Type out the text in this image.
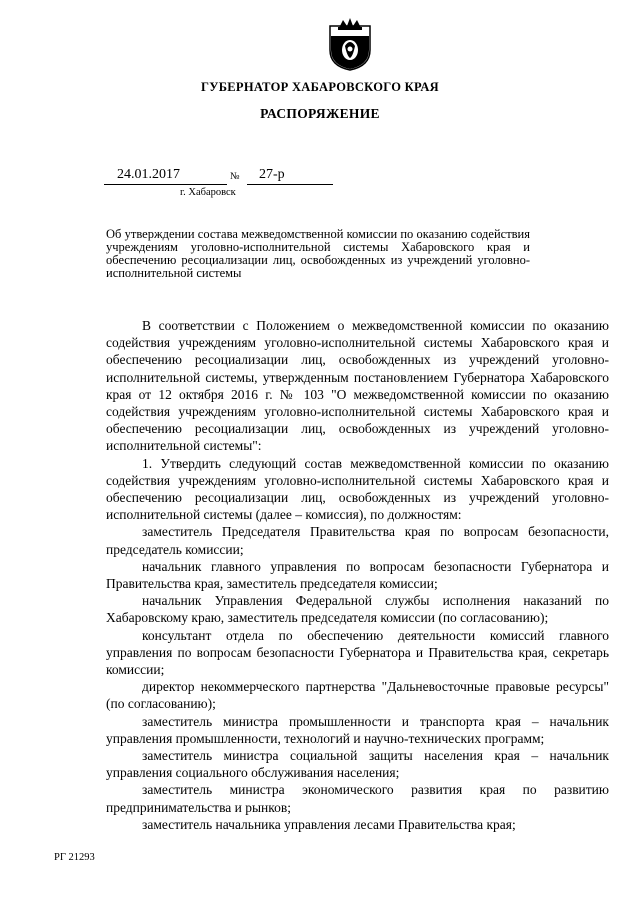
ГУБЕРНАТОР ХАБАРОВСКОГО КРАЯ
РАСПОРЯЖЕНИЕ
24.01.2017	№ 27-р
г. Хабаровск
Об утверждении состава межведомственной комиссии по оказанию содействия учреждениям уголовно-исполнительной системы Хабаровского края и обеспечению ресоциализации лиц, освобожденных из учреждений уголовно-исполнительной системы

В соответствии с Положением о межведомственной комиссии по оказанию содействия учреждениям уголовно-исполнительной системы Хабаровского края и обеспечению ресоциализации лиц, освобожденных из учреждений уголовно-исполнительной системы, утвержденным постановлением Губернатора Хабаровского края от 12 октября 2016 г. № 103 "О межведомственной комиссии по оказанию содействия учреждениям уголовно-исполнительной системы Хабаровского края и обеспечению ресоциализации лиц, освобожденных из учреждений уголовно-исполнительной системы":

1. Утвердить следующий состав межведомственной комиссии по оказанию содействия учреждениям уголовно-исполнительной системы Хабаровского края и обеспечению ресоциализации лиц, освобожденных из учреждений уголовно-исполнительной системы (далее – комиссия), по должностям:

заместитель Председателя Правительства края по вопросам безопасности, председатель комиссии;

начальник главного управления по вопросам безопасности Губернатора и Правительства края, заместитель председателя комиссии;

начальник Управления Федеральной службы исполнения наказаний по Хабаровскому краю, заместитель председателя комиссии (по согласованию);

консультант отдела по обеспечению деятельности комиссий главного управления по вопросам безопасности Губернатора и Правительства края, секретарь комиссии;

директор некоммерческого партнерства "Дальневосточные правовые ресурсы" (по согласованию);

заместитель министра промышленности и транспорта края – начальник управления промышленности, технологий и научно-технических программ;

заместитель министра социальной защиты населения края – начальник управления социального обслуживания населения;

заместитель министра экономического развития края по развитию предпринимательства и рынков;

заместитель начальника управления лесами Правительства края;

РГ 21293
